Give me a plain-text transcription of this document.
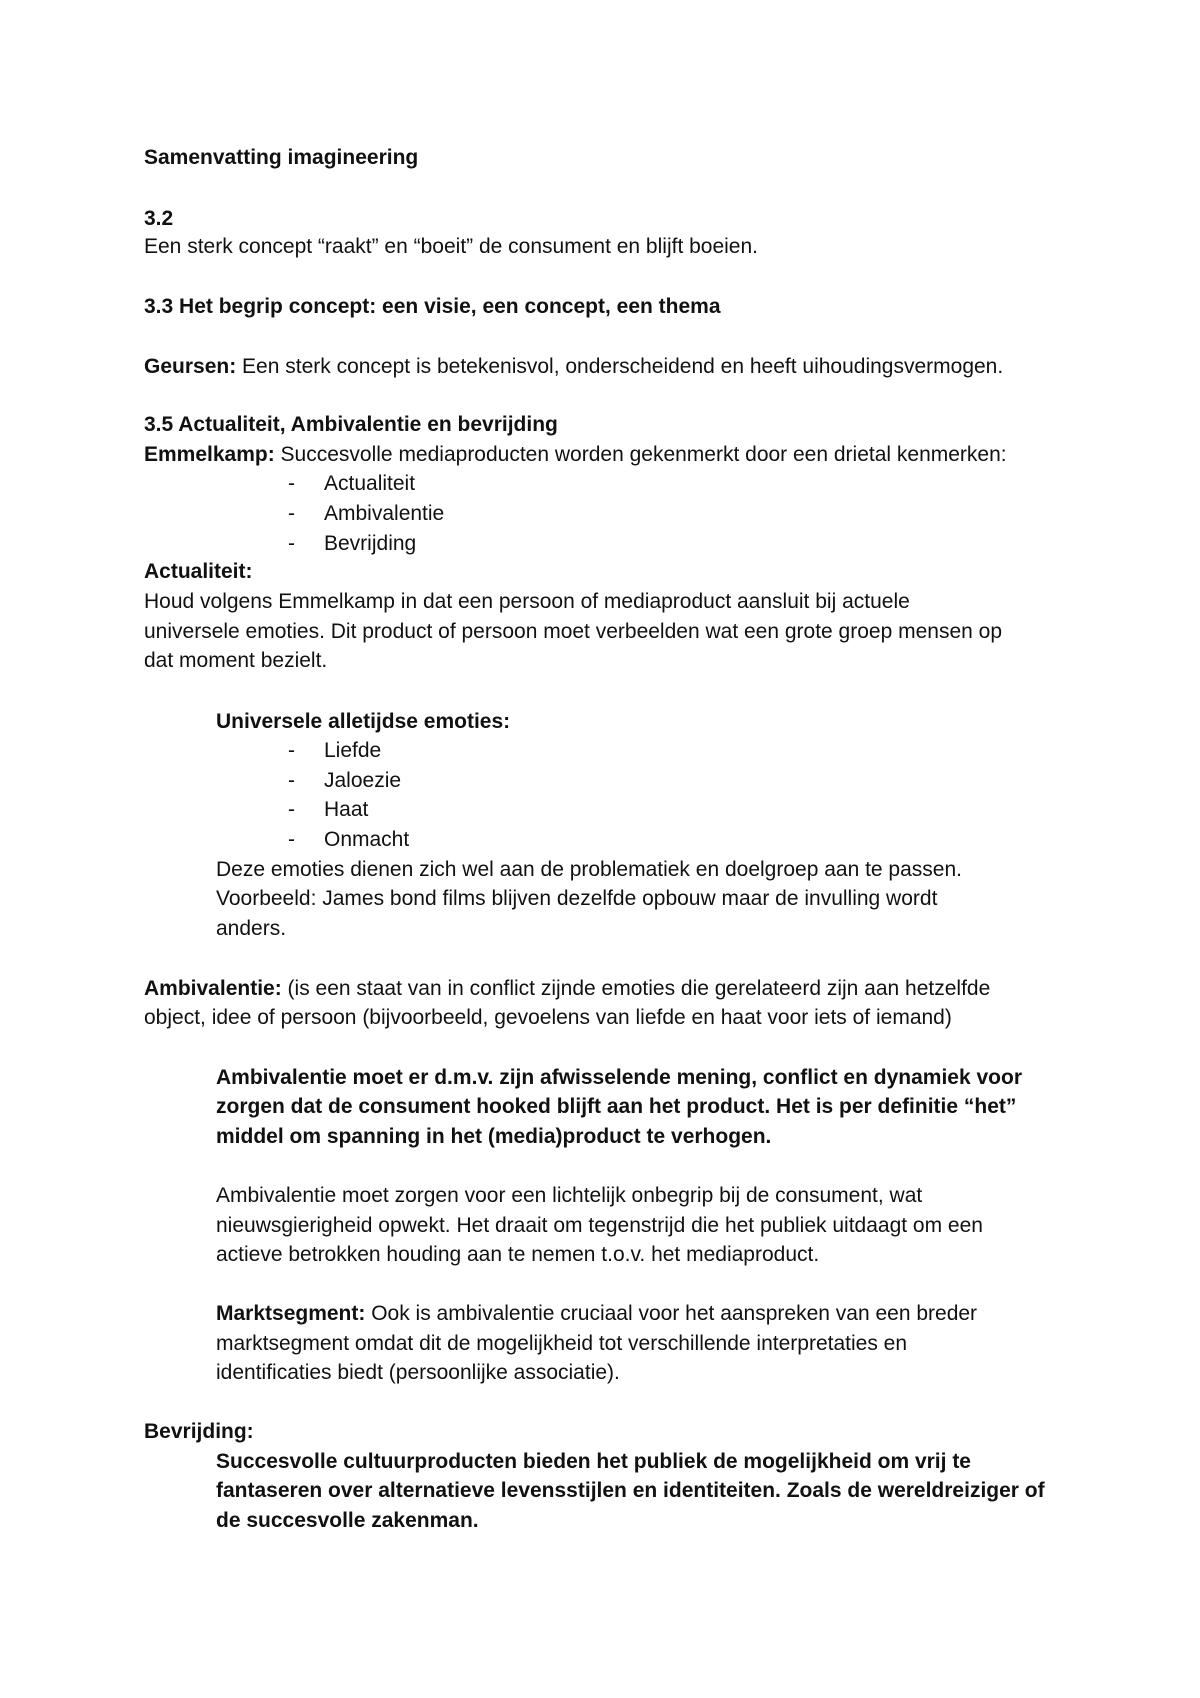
Samenvatting imagineering
3.2
Een sterk concept “raakt” en “boeit” de consument en blijft boeien.
3.3 Het begrip concept: een visie, een concept, een thema
Geursen: Een sterk concept is betekenisvol, onderscheidend en heeft uihoudingsvermogen.
3.5 Actualiteit, Ambivalentie en bevrijding
Emmelkamp: Succesvolle mediaproducten worden gekenmerkt door een drietal kenmerken:
- Actualiteit
- Ambivalentie
- Bevrijding
Actualiteit:
Houd volgens Emmelkamp in dat een persoon of mediaproduct aansluit bij actuele
universele emoties. Dit product of persoon moet verbeelden wat een grote groep mensen op
dat moment bezielt.
Universele alletijdse emoties:
- Liefde
- Jaloezie
- Haat
- Onmacht
Deze emoties dienen zich wel aan de problematiek en doelgroep aan te passen.
Voorbeeld: James bond films blijven dezelfde opbouw maar de invulling wordt
anders.
Ambivalentie: (is een staat van in conflict zijnde emoties die gerelateerd zijn aan hetzelfde
object, idee of persoon (bijvoorbeeld, gevoelens van liefde en haat voor iets of iemand)
Ambivalentie moet er d.m.v. zijn afwisselende mening, conflict en dynamiek voor
zorgen dat de consument hooked blijft aan het product. Het is per definitie “het”
middel om spanning in het (media)product te verhogen.
Ambivalentie moet zorgen voor een lichtelijk onbegrip bij de consument, wat
nieuwsgierigheid opwekt. Het draait om tegenstrijd die het publiek uitdaagt om een
actieve betrokken houding aan te nemen t.o.v. het mediaproduct.
Marktsegment: Ook is ambivalentie cruciaal voor het aanspreken van een breder
marktsegment omdat dit de mogelijkheid tot verschillende interpretaties en
identificaties biedt (persoonlijke associatie).
Bevrijding:
Succesvolle cultuurproducten bieden het publiek de mogelijkheid om vrij te
fantaseren over alternatieve levensstijlen en identiteiten. Zoals de wereldreiziger of
de succesvolle zakenman.
